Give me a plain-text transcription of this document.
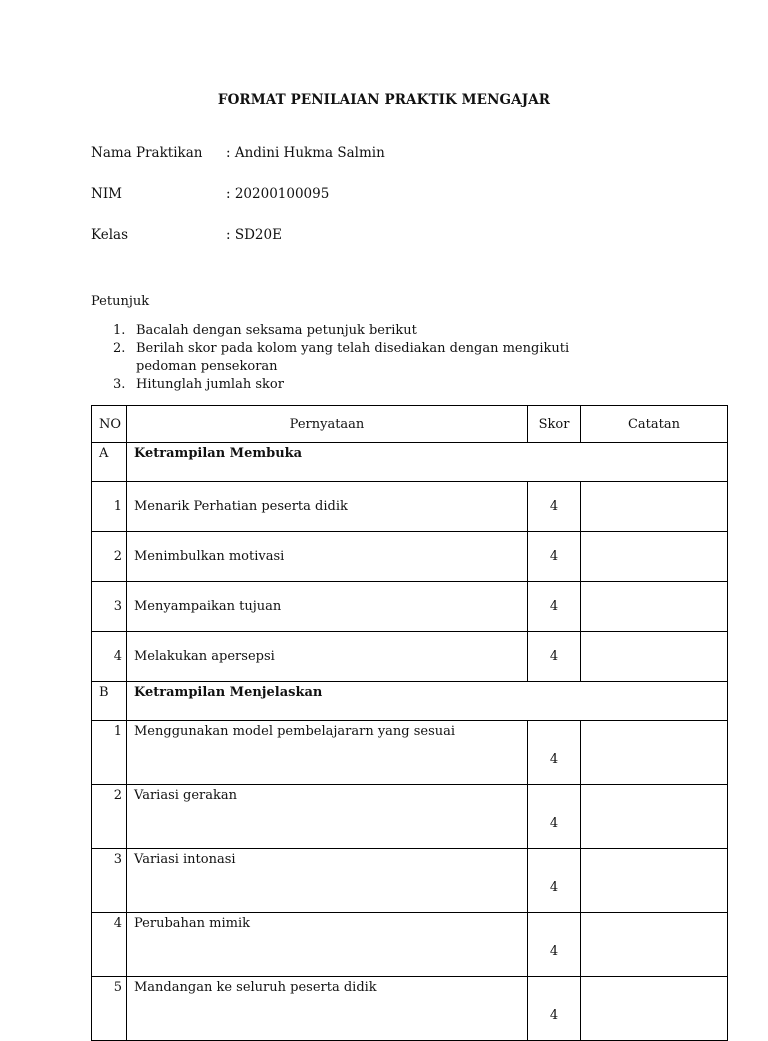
FORMAT PENILAIAN PRAKTIK MENGAJAR
Nama Praktikan : Andini Hukma Salmin
NIM	: 20200100095
Kelas	: SD20E
Petunjuk
1. Bacalah dengan seksama petunjuk berikut
2. Berilah skor pada kolom yang telah disediakan dengan mengikuti pedoman pensekoran
3. Hitunglah jumlah skor
NO	Pernyataan	Skor	Catatan
A	Ketrampilan Membuka		
1	Menarik Perhatian peserta didik	4	
2	Menimbulkan motivasi	4	
3	Menyampaikan tujuan	4	
4	Melakukan apersepsi	4	
B	Ketrampilan Menjelaskan		
1	Menggunakan model pembelajararn yang sesuai	4	
2	Variasi gerakan	4	
3	Variasi intonasi	4	
4	Perubahan mimik	4	
5	Mandangan ke seluruh peserta didik	4	
